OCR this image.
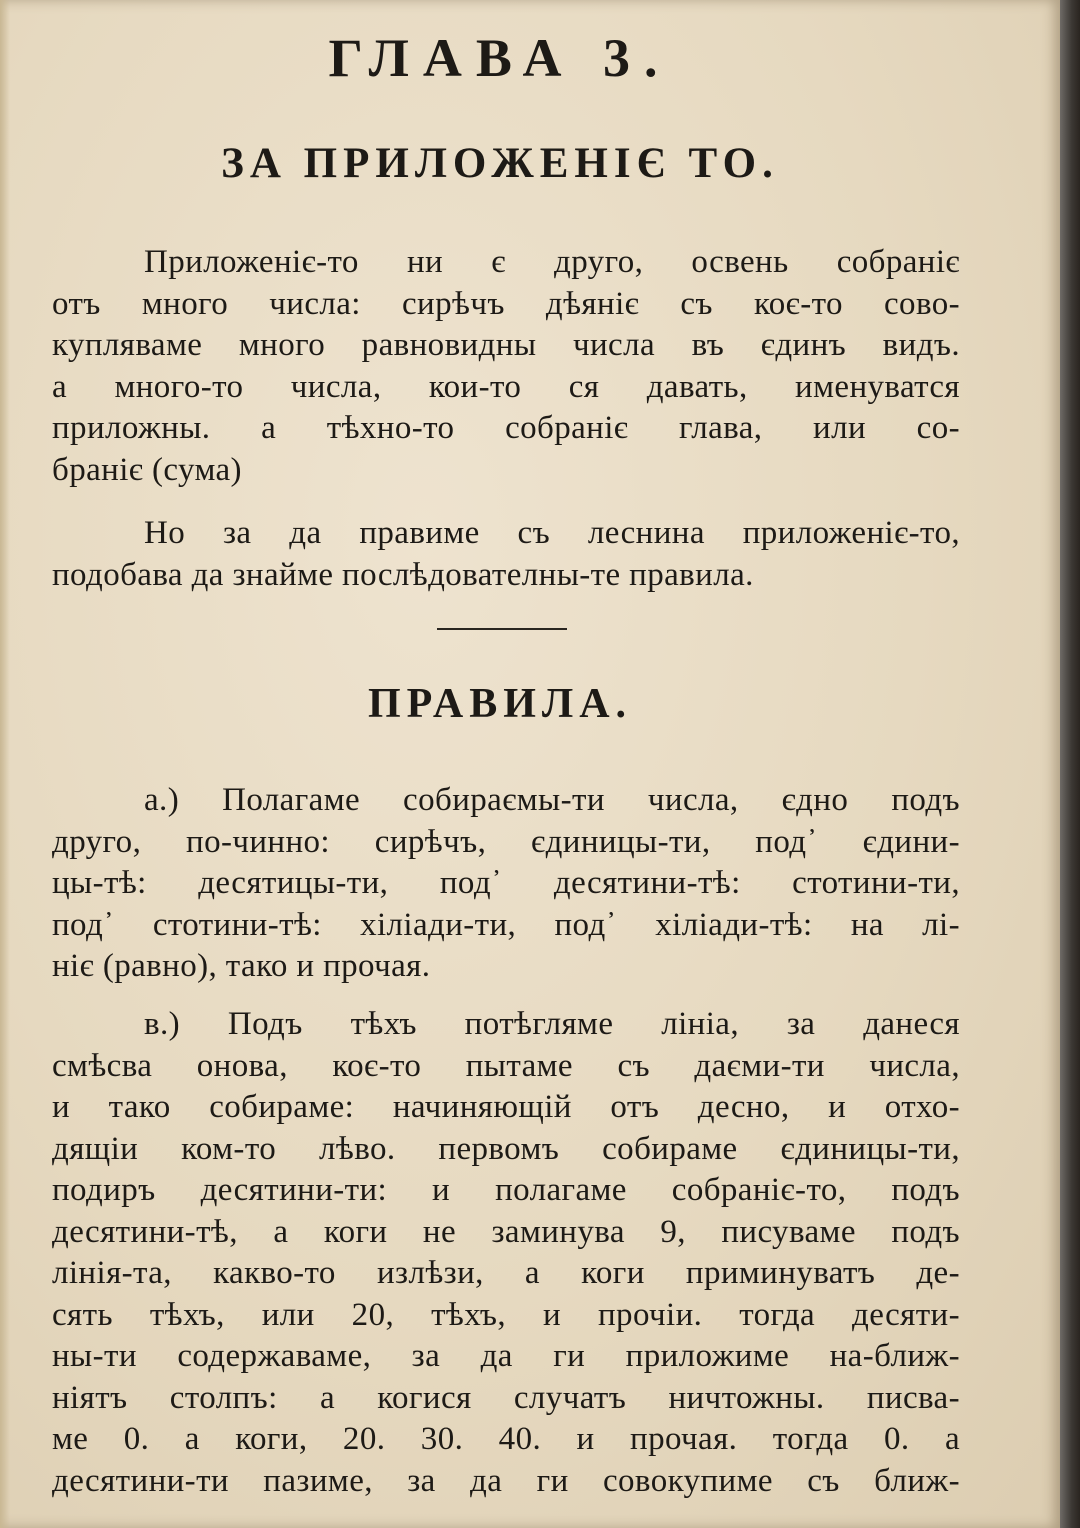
ГЛАВА 3.
ЗА ПРИЛОЖЕНІЄ ТО.
Приложеніє-то ни є друго, освень собраніє
отъ много числа: сирѣчъ дѣяніє съ коє-то сово-
купляваме много равновидны числа въ єдинъ видъ.
а много-то числа, кои-то ся давать, именуватся
приложны. а тѣхно-то собраніє глава, или со-
браніє (сума)
Но за да правиме съ леснина приложеніє-то,
подобава да знайме послѣдователны-те правила.
ПРАВИЛА.
а.) Полагаме собираємы-ти числа, єдно подъ
друго, по-чинно: сирѣчъ, єдиницы-ти, под᾿ єдини-
цы-тѣ: десятицы-ти, под᾿ десятини-тѣ: стотини-ти,
под᾿ стотини-тѣ: хіліади-ти, под᾿ хіліади-тѣ: на лі-
ніє (равно), тако и прочая.
в.) Подъ тѣхъ потѣгляме лініа, за данеся
смѣсва онова, коє-то пытаме съ даєми-ти числа,
и тако собираме: начиняющій отъ десно, и отхо-
дящіи ком-то лѣво. первомъ собираме єдиницы-ти,
подиръ десятини-ти: и полагаме собраніє-то, подъ
десятини-тѣ, а коги не заминува 9, писуваме подъ
лінія-та, какво-то излѣзи, а коги приминуватъ де-
сять тѣхъ, или 20, тѣхъ, и прочіи. тогда десяти-
ны-ти содержаваме, за да ги приложиме на-ближ-
ніятъ столпъ: а когися случатъ ничтожны. писва-
ме 0. а коги, 20. 30. 40. и прочая. тогда 0. а
десятини-ти пазиме, за да ги совокупиме съ ближ-
